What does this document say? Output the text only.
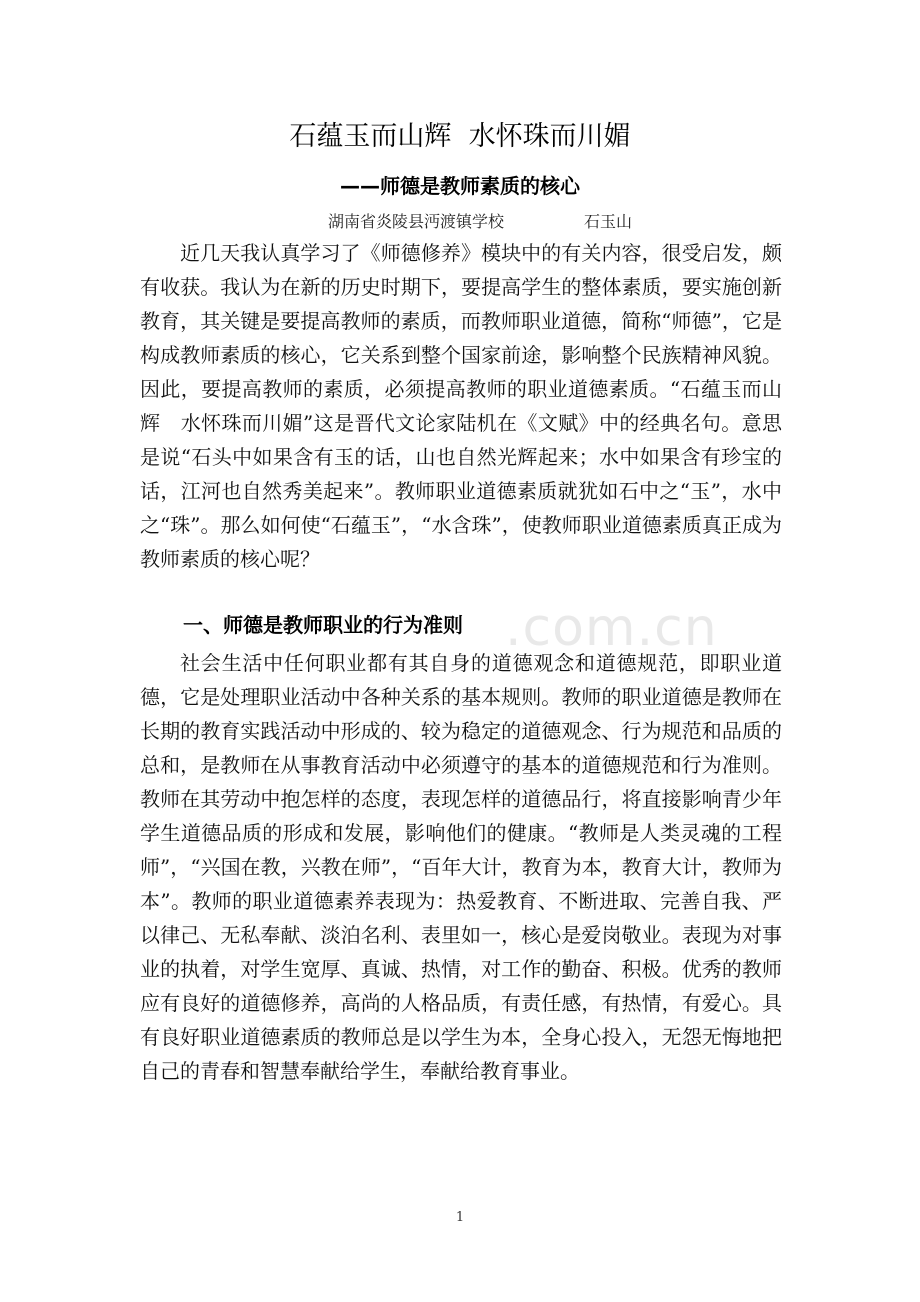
.com.cn
石蕴玉而山辉  水怀珠而川媚
——师德是教师素质的核心
湖南省炎陵县沔渡镇学校	石玉山

近几天我认真学习了《师德修养》模块中的有关内容，很受启发，颇有收获。我认为在新的历史时期下，要提高学生的整体素质，要实施创新教育，其关键是要提高教师的素质，而教师职业道德，简称“师德”，它是构成教师素质的核心，它关系到整个国家前途，影响整个民族精神风貌。因此，要提高教师的素质，必须提高教师的职业道德素质。“石蕴玉而山辉　水怀珠而川媚”这是晋代文论家陆机在《文赋》中的经典名句。意思是说“石头中如果含有玉的话，山也自然光辉起来；水中如果含有珍宝的话，江河也自然秀美起来”。教师职业道德素质就犹如石中之“玉”，水中之“珠”。那么如何使“石蕴玉”，“水含珠”，使教师职业道德素质真正成为教师素质的核心呢？

一、师德是教师职业的行为准则

社会生活中任何职业都有其自身的道德观念和道德规范，即职业道德，它是处理职业活动中各种关系的基本规则。教师的职业道德是教师在长期的教育实践活动中形成的、较为稳定的道德观念、行为规范和品质的总和，是教师在从事教育活动中必须遵守的基本的道德规范和行为准则。教师在其劳动中抱怎样的态度，表现怎样的道德品行，将直接影响青少年学生道德品质的形成和发展，影响他们的健康。“教师是人类灵魂的工程师”，“兴国在教，兴教在师”，“百年大计，教育为本，教育大计，教师为本”。教师的职业道德素养表现为：热爱教育、不断进取、完善自我、严以律己、无私奉献、淡泊名利、表里如一，核心是爱岗敬业。表现为对事业的执着，对学生宽厚、真诚、热情，对工作的勤奋、积极。优秀的教师应有良好的道德修养，高尚的人格品质，有责任感，有热情，有爱心。具有良好职业道德素质的教师总是以学生为本，全身心投入，无怨无悔地把自己的青春和智慧奉献给学生，奉献给教育事业。

1
